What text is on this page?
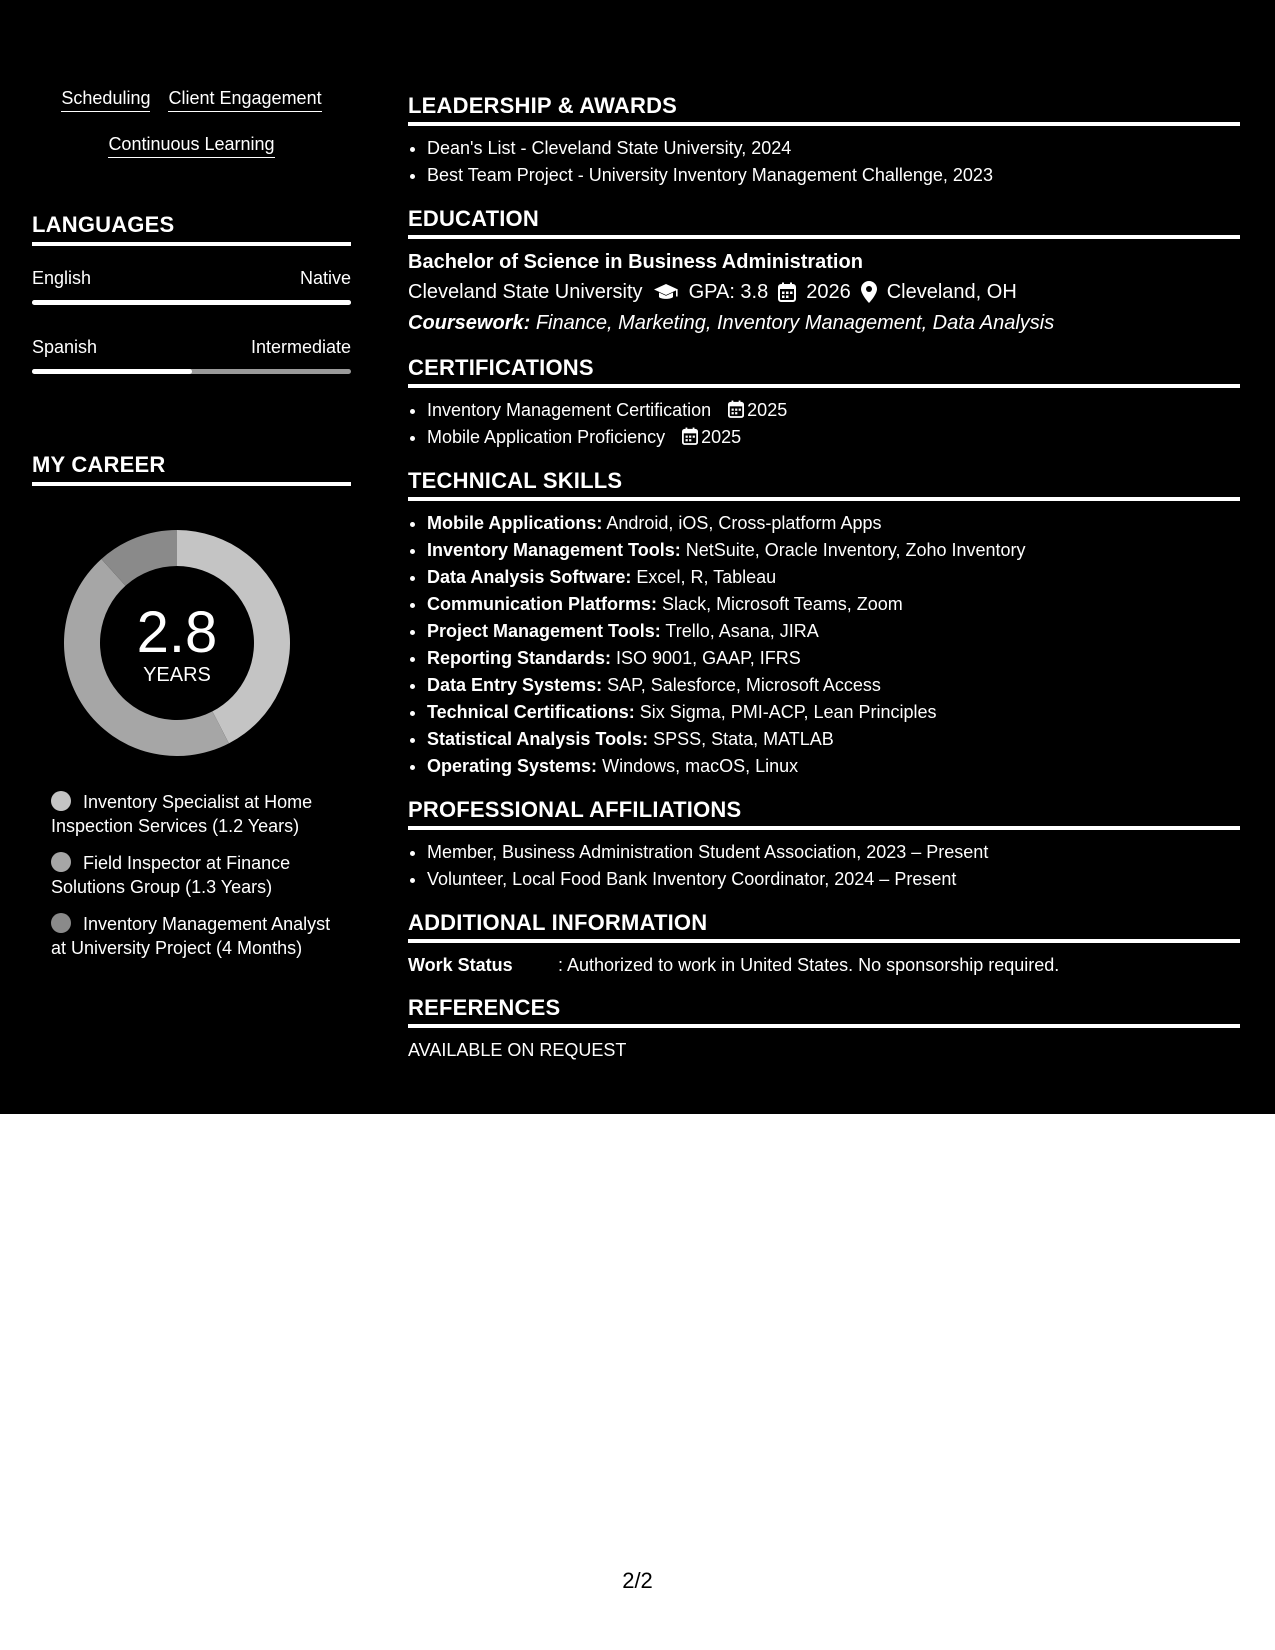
Scheduling Client Engagement
Continuous Learning
LANGUAGES
English	Native
Spanish	Intermediate
MY CAREER
2.8
YEARS
Inventory Specialist at Home Inspection Services (1.2 Years)
Field Inspector at Finance Solutions Group (1.3 Years)
Inventory Management Analyst at University Project (4 Months)
LEADERSHIP & AWARDS
• Dean's List - Cleveland State University, 2024
• Best Team Project - University Inventory Management Challenge, 2023
EDUCATION
Bachelor of Science in Business Administration
Cleveland State University GPA: 3.8 2026 Cleveland, OH
Coursework: Finance, Marketing, Inventory Management, Data Analysis
CERTIFICATIONS
• Inventory Management Certification 2025
• Mobile Application Proficiency 2025
TECHNICAL SKILLS
• Mobile Applications: Android, iOS, Cross-platform Apps
• Inventory Management Tools: NetSuite, Oracle Inventory, Zoho Inventory
• Data Analysis Software: Excel, R, Tableau
• Communication Platforms: Slack, Microsoft Teams, Zoom
• Project Management Tools: Trello, Asana, JIRA
• Reporting Standards: ISO 9001, GAAP, IFRS
• Data Entry Systems: SAP, Salesforce, Microsoft Access
• Technical Certifications: Six Sigma, PMI-ACP, Lean Principles
• Statistical Analysis Tools: SPSS, Stata, MATLAB
• Operating Systems: Windows, macOS, Linux
PROFESSIONAL AFFILIATIONS
• Member, Business Administration Student Association, 2023 – Present
• Volunteer, Local Food Bank Inventory Coordinator, 2024 – Present
ADDITIONAL INFORMATION
Work Status	: Authorized to work in United States. No sponsorship required.
REFERENCES
AVAILABLE ON REQUEST
2/2
